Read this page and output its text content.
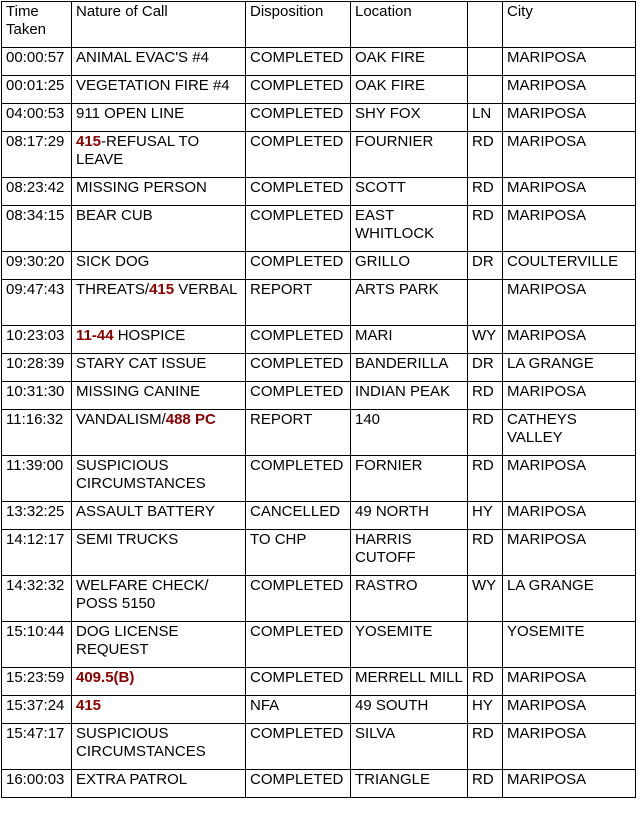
Time Taken	Nature of Call	Disposition	Location		City
00:00:57	ANIMAL EVAC'S #4	COMPLETED	OAK FIRE		MARIPOSA
00:01:25	VEGETATION FIRE #4	COMPLETED	OAK FIRE		MARIPOSA
04:00:53	911 OPEN LINE	COMPLETED	SHY FOX	LN	MARIPOSA
08:17:29	415-REFUSAL TO LEAVE	COMPLETED	FOURNIER	RD	MARIPOSA
08:23:42	MISSING PERSON	COMPLETED	SCOTT	RD	MARIPOSA
08:34:15	BEAR CUB	COMPLETED	EAST WHITLOCK	RD	MARIPOSA
09:30:20	SICK DOG	COMPLETED	GRILLO	DR	COULTERVILLE
09:47:43	THREATS/415 VERBAL	REPORT	ARTS PARK		MARIPOSA
10:23:03	11-44 HOSPICE	COMPLETED	MARI	WY	MARIPOSA
10:28:39	STARY CAT ISSUE	COMPLETED	BANDERILLA	DR	LA GRANGE
10:31:30	MISSING CANINE	COMPLETED	INDIAN PEAK	RD	MARIPOSA
11:16:32	VANDALISM/488 PC	REPORT	140	RD	CATHEYS VALLEY
11:39:00	SUSPICIOUS CIRCUMSTANCES	COMPLETED	FORNIER	RD	MARIPOSA
13:32:25	ASSAULT BATTERY	CANCELLED	49 NORTH	HY	MARIPOSA
14:12:17	SEMI TRUCKS	TO CHP	HARRIS CUTOFF	RD	MARIPOSA
14:32:32	WELFARE CHECK/ POSS 5150	COMPLETED	RASTRO	WY	LA GRANGE
15:10:44	DOG LICENSE REQUEST	COMPLETED	YOSEMITE		YOSEMITE
15:23:59	409.5(B)	COMPLETED	MERRELL MILL	RD	MARIPOSA
15:37:24	415	NFA	49 SOUTH	HY	MARIPOSA
15:47:17	SUSPICIOUS CIRCUMSTANCES	COMPLETED	SILVA	RD	MARIPOSA
16:00:03	EXTRA PATROL	COMPLETED	TRIANGLE	RD	MARIPOSA
